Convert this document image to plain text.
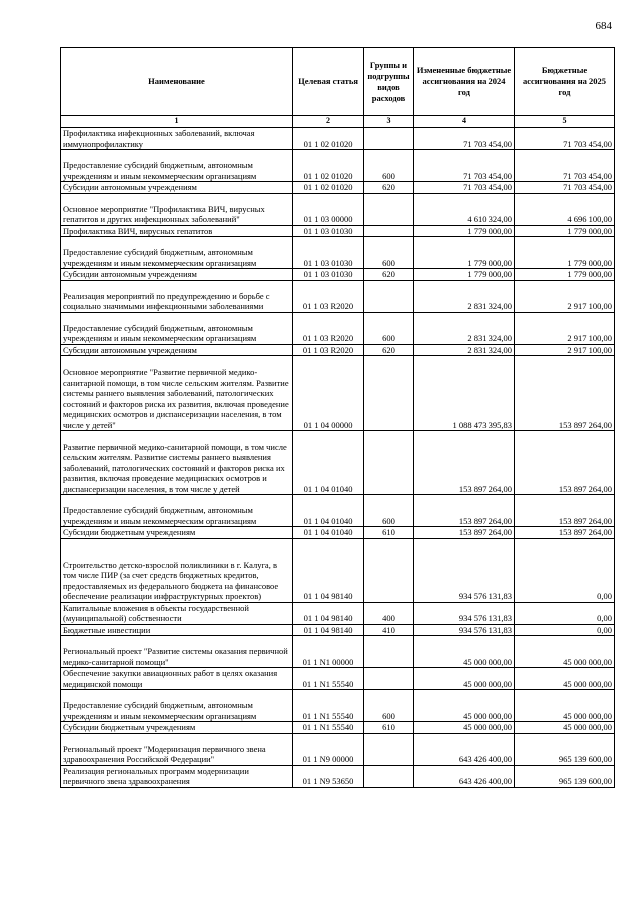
684
Наименование	Целевая статья	Группы и подгруппы видов расходов	Измененные бюджетные ассигнования на 2024 год	Бюджетные ассигнования на 2025 год
1	2	3	4	5
Профилактика инфекционных заболеваний, включая иммунопрофилактику	01 1 02 01020		71 703 454,00	71 703 454,00
Предоставление субсидий бюджетным, автономным учреждениям и иным некоммерческим организациям	01 1 02 01020	600	71 703 454,00	71 703 454,00
Субсидии автономным учреждениям	01 1 02 01020	620	71 703 454,00	71 703 454,00
Основное мероприятие "Профилактика ВИЧ, вирусных гепатитов и других инфекционных заболеваний"	01 1 03 00000		4 610 324,00	4 696 100,00
Профилактика ВИЧ, вирусных гепатитов	01 1 03 01030		1 779 000,00	1 779 000,00
Предоставление субсидий бюджетным, автономным учреждениям и иным некоммерческим организациям	01 1 03 01030	600	1 779 000,00	1 779 000,00
Субсидии автономным учреждениям	01 1 03 01030	620	1 779 000,00	1 779 000,00
Реализация мероприятий по предупреждению и борьбе с социально значимыми инфекционными заболеваниями	01 1 03 R2020		2 831 324,00	2 917 100,00
Предоставление субсидий бюджетным, автономным учреждениям и иным некоммерческим организациям	01 1 03 R2020	600	2 831 324,00	2 917 100,00
Субсидии автономным учреждениям	01 1 03 R2020	620	2 831 324,00	2 917 100,00
Основное мероприятие "Развитие первичной медико-санитарной помощи, в том числе сельским жителям. Развитие системы раннего выявления заболеваний, патологических состояний и факторов риска их развития, включая проведение медицинских осмотров и диспансеризации населения, в том числе у детей"	01 1 04 00000		1 088 473 395,83	153 897 264,00
Развитие первичной медико-санитарной помощи, в том числе сельским жителям. Развитие системы раннего выявления заболеваний, патологических состояний и факторов риска их развития, включая проведение медицинских осмотров и диспансеризации населения, в том числе у детей	01 1 04 01040		153 897 264,00	153 897 264,00
Предоставление субсидий бюджетным, автономным учреждениям и иным некоммерческим организациям	01 1 04 01040	600	153 897 264,00	153 897 264,00
Субсидии бюджетным учреждениям	01 1 04 01040	610	153 897 264,00	153 897 264,00
Строительство детско-взрослой поликлиники в г. Калуга, в том числе ПИР (за счет средств бюджетных кредитов, предоставляемых из федерального бюджета на финансовое обеспечение реализации инфраструктурных проектов)	01 1 04 98140		934 576 131,83	0,00
Капитальные вложения в объекты государственной (муниципальной) собственности	01 1 04 98140	400	934 576 131,83	0,00
Бюджетные инвестиции	01 1 04 98140	410	934 576 131,83	0,00
Региональный проект "Развитие системы оказания первичной медико-санитарной помощи"	01 1 N1 00000		45 000 000,00	45 000 000,00
Обеспечение закупки авиационных работ в целях оказания медицинской помощи	01 1 N1 55540		45 000 000,00	45 000 000,00
Предоставление субсидий бюджетным, автономным учреждениям и иным некоммерческим организациям	01 1 N1 55540	600	45 000 000,00	45 000 000,00
Субсидии бюджетным учреждениям	01 1 N1 55540	610	45 000 000,00	45 000 000,00
Региональный проект "Модернизация первичного звена здравоохранения Российской Федерации"	01 1 N9 00000		643 426 400,00	965 139 600,00
Реализация региональных программ модернизации первичного звена здравоохранения	01 1 N9 53650		643 426 400,00	965 139 600,00
